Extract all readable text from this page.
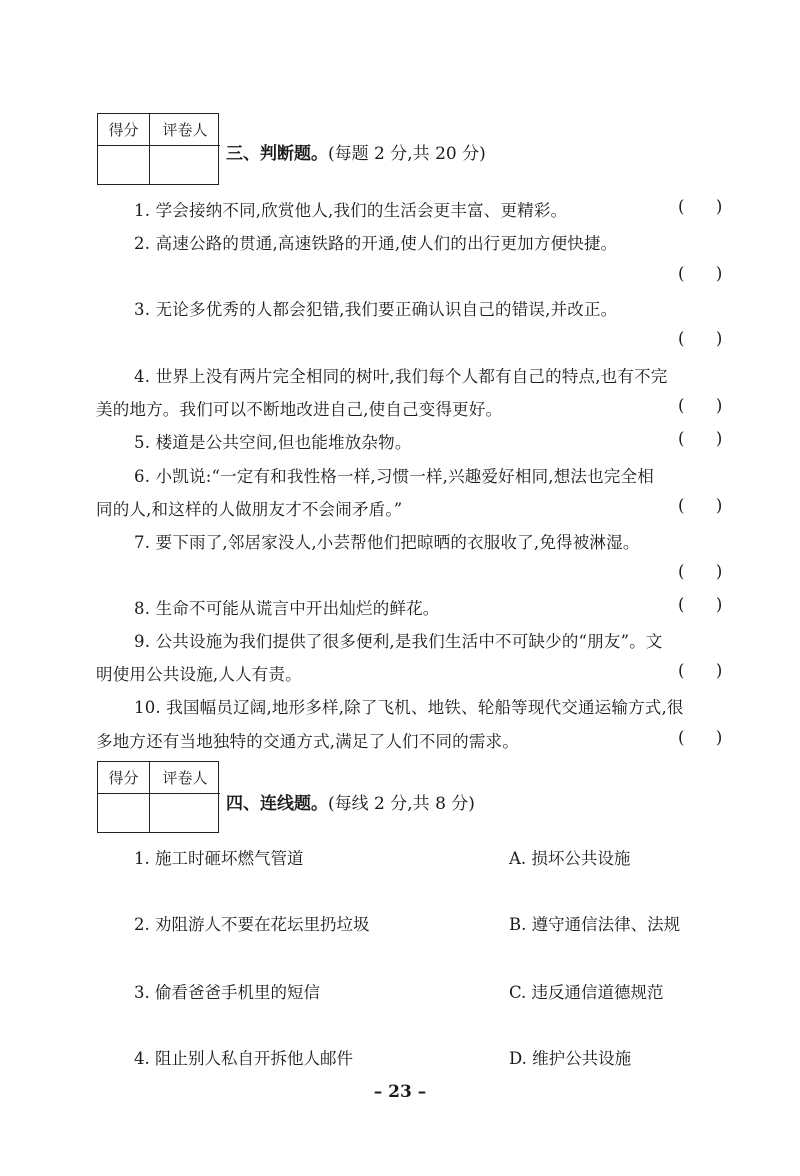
得分	评卷人
三、判断题。(每题 2 分,共 20 分)
1. 学会接纳不同,欣赏他人,我们的生活会更丰富、更精彩。	(      )
2. 高速公路的贯通,高速铁路的开通,使人们的出行更加方便快捷。
(      )
3. 无论多优秀的人都会犯错,我们要正确认识自己的错误,并改正。
(      )
4. 世界上没有两片完全相同的树叶,我们每个人都有自己的特点,也有不完
美的地方。我们可以不断地改进自己,使自己变得更好。	(      )
5. 楼道是公共空间,但也能堆放杂物。	(      )
6. 小凯说:“一定有和我性格一样,习惯一样,兴趣爱好相同,想法也完全相
同的人,和这样的人做朋友才不会闹矛盾。”	(      )
7. 要下雨了,邻居家没人,小芸帮他们把晾晒的衣服收了,免得被淋湿。
(      )
8. 生命不可能从谎言中开出灿烂的鲜花。	(      )
9. 公共设施为我们提供了很多便利,是我们生活中不可缺少的“朋友”。文
明使用公共设施,人人有责。	(      )
10. 我国幅员辽阔,地形多样,除了飞机、地铁、轮船等现代交通运输方式,很
多地方还有当地独特的交通方式,满足了人们不同的需求。	(      )
得分	评卷人
四、连线题。(每线 2 分,共 8 分)
1. 施工时砸坏燃气管道	A. 损坏公共设施
2. 劝阻游人不要在花坛里扔垃圾	B. 遵守通信法律、法规
3. 偷看爸爸手机里的短信	C. 违反通信道德规范
4. 阻止别人私自开拆他人邮件	D. 维护公共设施
– 23 –
